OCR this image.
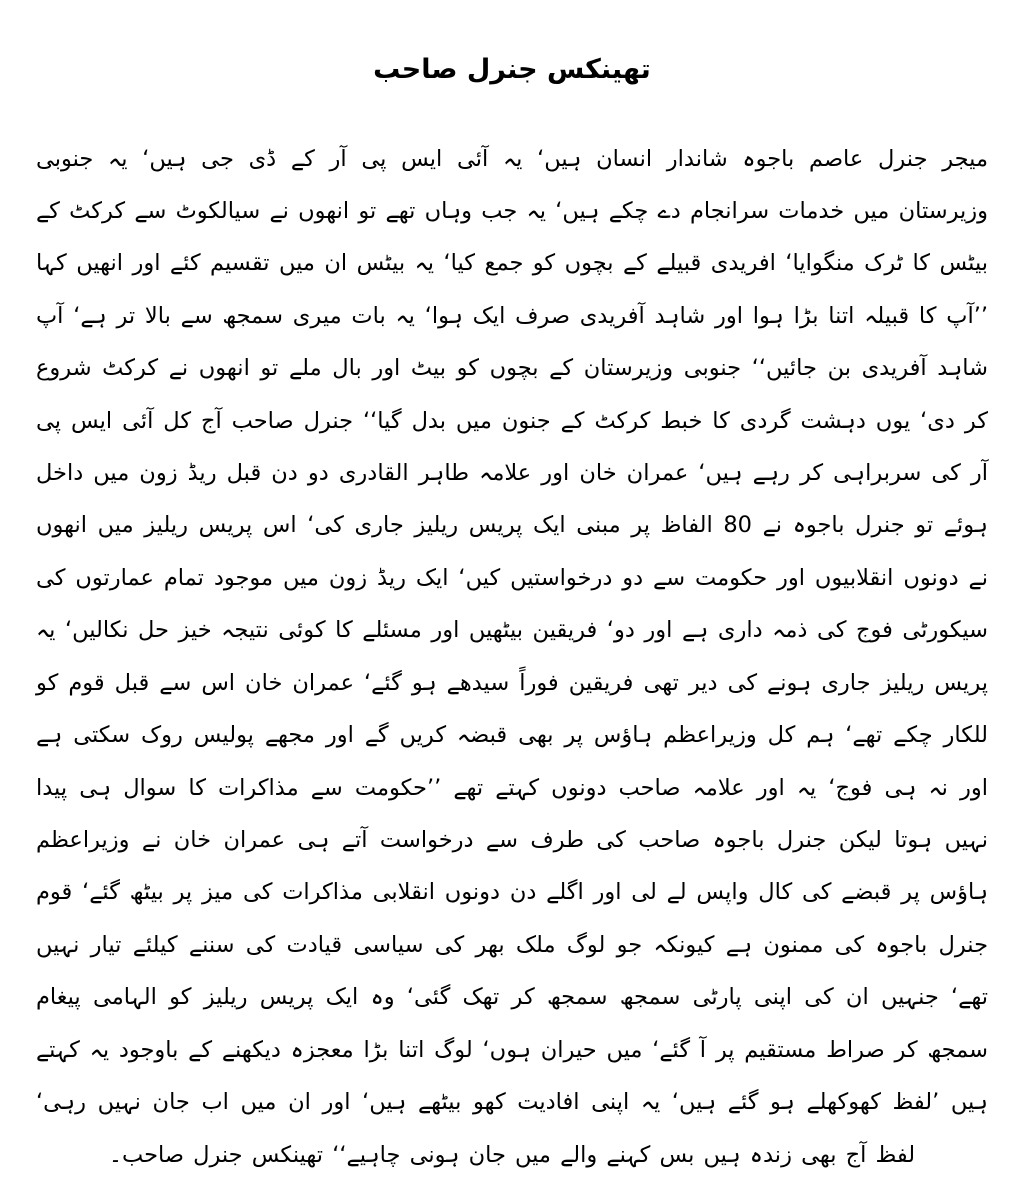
تھینکس جنرل صاحب

میجر جنرل عاصم باجوہ شاندار انسان ہیں‘ یہ آئی ایس پی آر کے ڈی جی ہیں‘ یہ جنوبی وزیرستان میں خدمات سرانجام دے چکے ہیں‘ یہ جب وہاں تھے تو انھوں نے سیالکوٹ سے کرکٹ کے بیٹس کا ٹرک منگوایا‘ افریدی قبیلے کے بچوں کو جمع کیا‘ یہ بیٹس ان میں تقسیم کئے اور انھیں کہا ’’آپ کا قبیلہ اتنا بڑا ہوا اور شاہد آفریدی صرف ایک ہوا‘ یہ بات میری سمجھ سے بالا تر ہے‘ آپ شاہد آفریدی بن جائیں‘‘ جنوبی وزیرستان کے بچوں کو بیٹ اور بال ملے تو انھوں نے کرکٹ شروع کر دی‘ یوں دہشت گردی کا خبط کرکٹ کے جنون میں بدل گیا‘‘ جنرل صاحب آج کل آئی ایس پی آر کی سربراہی کر رہے ہیں‘ عمران خان اور علامہ طاہر القادری دو دن قبل ریڈ زون میں داخل ہوئے تو جنرل باجوہ نے 80 الفاظ پر مبنی ایک پریس ریلیز جاری کی‘ اس پریس ریلیز میں انھوں نے دونوں انقلابیوں اور حکومت سے دو درخواستیں کیں‘ ایک ریڈ زون میں موجود تمام عمارتوں کی سیکورٹی فوج کی ذمہ داری ہے اور دو‘ فریقین بیٹھیں اور مسئلے کا کوئی نتیجہ خیز حل نکالیں‘ یہ پریس ریلیز جاری ہونے کی دیر تھی فریقین فوراً سیدھے ہو گئے‘ عمران خان اس سے قبل قوم کو للکار چکے تھے‘ ہم کل وزیراعظم ہاؤس پر بھی قبضہ کریں گے اور مجھے پولیس روک سکتی ہے اور نہ ہی فوج‘ یہ اور علامہ صاحب دونوں کہتے تھے ’’حکومت سے مذاکرات کا سوال ہی پیدا نہیں ہوتا لیکن جنرل باجوہ صاحب کی طرف سے درخواست آتے ہی عمران خان نے وزیراعظم ہاؤس پر قبضے کی کال واپس لے لی اور اگلے دن دونوں انقلابی مذاکرات کی میز پر بیٹھ گئے‘ قوم جنرل باجوہ کی ممنون ہے کیونکہ جو لوگ ملک بھر کی سیاسی قیادت کی سننے کیلئے تیار نہیں تھے‘ جنہیں ان کی اپنی پارٹی سمجھ سمجھ کر تھک گئی‘ وہ ایک پریس ریلیز کو الہامی پیغام سمجھ کر صراط مستقیم پر آ گئے‘ میں حیران ہوں‘ لوگ اتنا بڑا معجزہ دیکھنے کے باوجود یہ کہتے ہیں ’لفظ کھوکھلے ہو گئے ہیں‘ یہ اپنی افادیت کھو بیٹھے ہیں‘ اور ان میں اب جان نہیں رہی‘ لفظ آج بھی زندہ ہیں بس کہنے والے میں جان ہونی چاہیے‘‘ تھینکس جنرل صاحب۔
